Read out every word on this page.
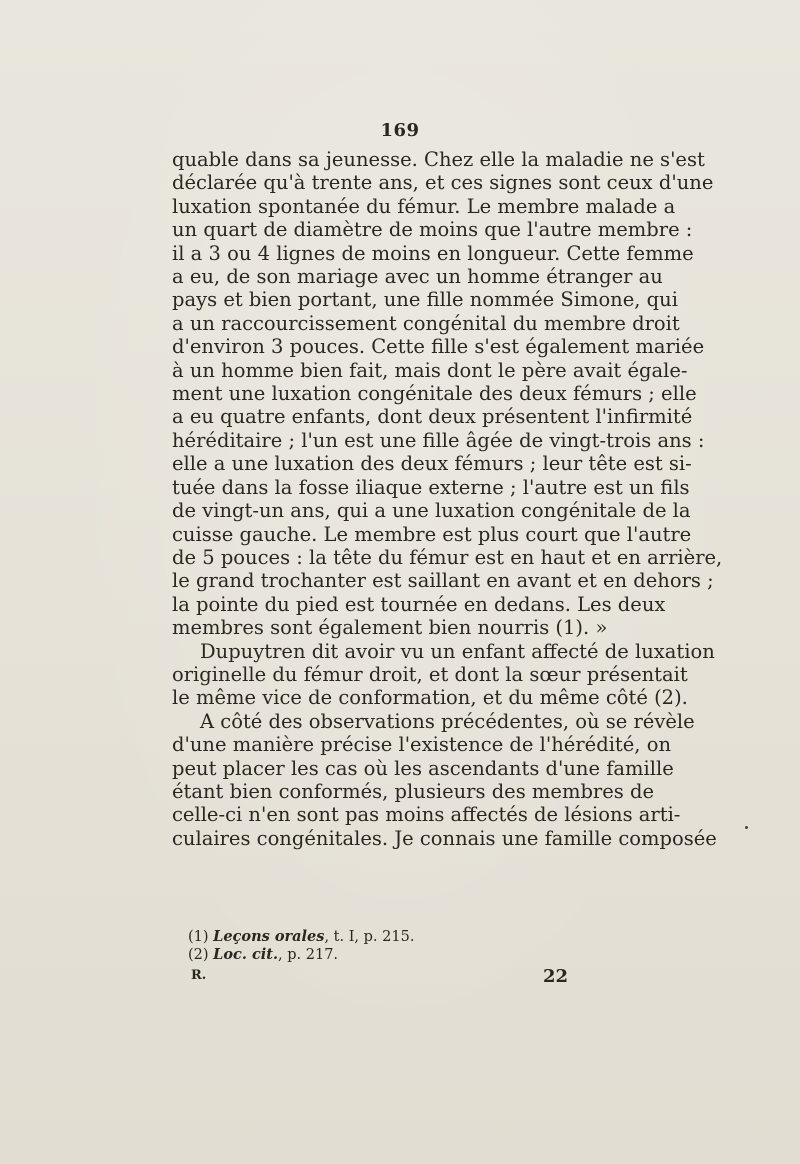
169
quable dans sa jeunesse. Chez elle la maladie ne s'est
déclarée qu'à trente ans, et ces signes sont ceux d'une
luxation spontanée du fémur. Le membre malade a
un quart de diamètre de moins que l'autre membre :
il a 3 ou 4 lignes de moins en longueur. Cette femme
a eu, de son mariage avec un homme étranger au
pays et bien portant, une fille nommée Simone, qui
a un raccourcissement congénital du membre droit
d'environ 3 pouces. Cette fille s'est également mariée
à un homme bien fait, mais dont le père avait égale-
ment une luxation congénitale des deux fémurs ; elle
a eu quatre enfants, dont deux présentent l'infirmité
héréditaire ; l'un est une fille âgée de vingt-trois ans :
elle a une luxation des deux fémurs ; leur tête est si-
tuée dans la fosse iliaque externe ; l'autre est un fils
de vingt-un ans, qui a une luxation congénitale de la
cuisse gauche. Le membre est plus court que l'autre
de 5 pouces : la tête du fémur est en haut et en arrière,
le grand trochanter est saillant en avant et en dehors ;
la pointe du pied est tournée en dedans. Les deux
membres sont également bien nourris (1). »
Dupuytren dit avoir vu un enfant affecté de luxation
originelle du fémur droit, et dont la sœur présentait
le même vice de conformation, et du même côté (2).
A côté des observations précédentes, où se révèle
d'une manière précise l'existence de l'hérédité, on
peut placer les cas où les ascendants d'une famille
étant bien conformés, plusieurs des membres de
celle-ci n'en sont pas moins affectés de lésions arti-
culaires congénitales. Je connais une famille composée
(1) Leçons orales, t. I, p. 215.
(2) Loc. cit., p. 217.
R.	22
